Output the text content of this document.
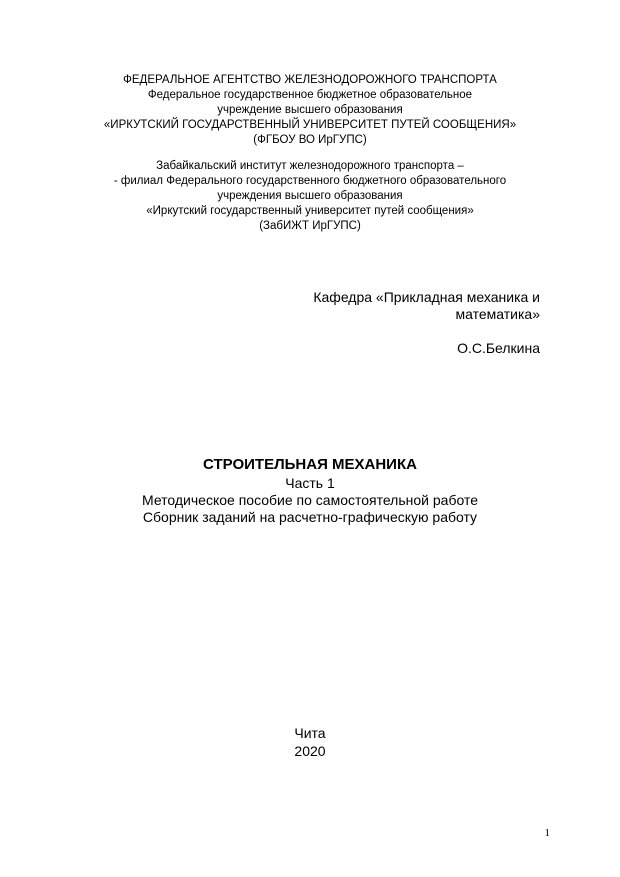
ФЕДЕРАЛЬНОЕ АГЕНТСТВО ЖЕЛЕЗНОДОРОЖНОГО ТРАНСПОРТА
Федеральное государственное бюджетное образовательное
учреждение высшего образования
«ИРКУТСКИЙ ГОСУДАРСТВЕННЫЙ УНИВЕРСИТЕТ ПУТЕЙ СООБЩЕНИЯ»
(ФГБОУ ВО ИрГУПС)
Забайкальский институт железнодорожного транспорта –
- филиал Федерального государственного бюджетного образовательного
учреждения высшего образования
«Иркутский государственный университет путей сообщения»
(ЗабИЖТ ИрГУПС)
Кафедра «Прикладная механика и
математика»
О.С.Белкина
СТРОИТЕЛЬНАЯ МЕХАНИКА
Часть 1
Методическое пособие по самостоятельной работе
Сборник заданий на расчетно-графическую работу
Чита
2020
1
